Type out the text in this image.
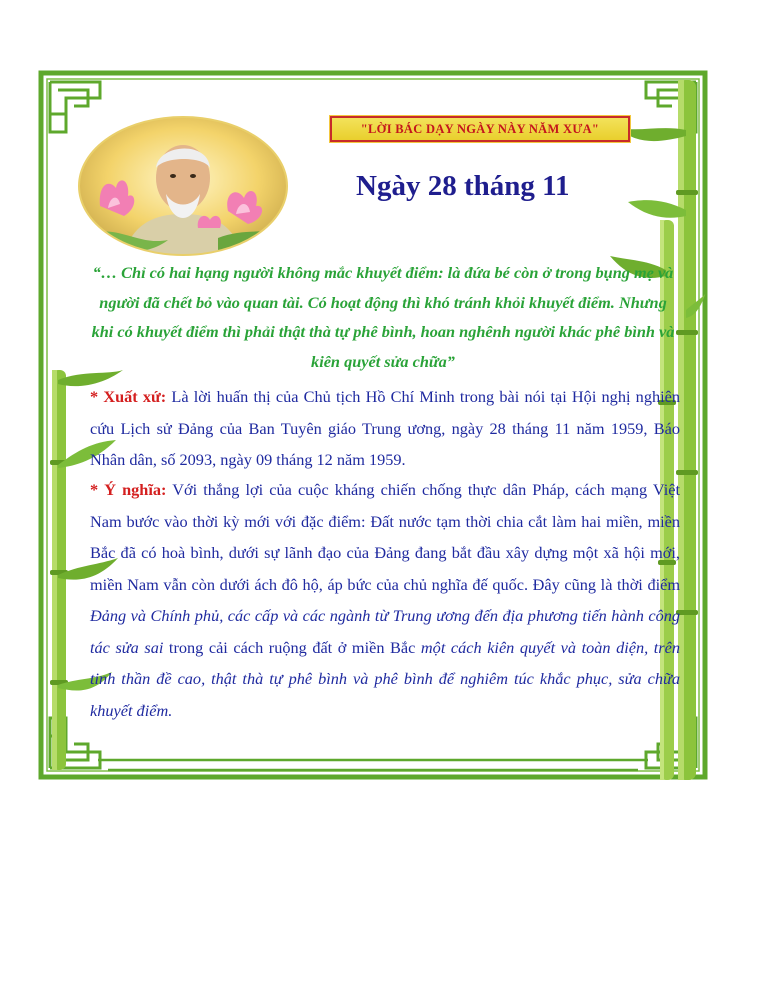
"LỜI BÁC DẠY NGÀY NÀY NĂM XƯA"
Ngày 28 tháng 11

“… Chỉ có hai hạng người không mắc khuyết điểm: là đứa bé còn ở trong bụng mẹ và người đã chết bỏ vào quan tài. Có hoạt động thì khó tránh khỏi khuyết điểm. Nhưng khi có khuyết điểm thì phải thật thà tự phê bình, hoan nghênh người khác phê bình và kiên quyết sửa chữa”

* Xuất xứ: Là lời huấn thị của Chủ tịch Hồ Chí Minh trong bài nói tại Hội nghị nghiên cứu Lịch sử Đảng của Ban Tuyên giáo Trung ương, ngày 28 tháng 11 năm 1959, Báo Nhân dân, số 2093, ngày 09 tháng 12 năm 1959.

* Ý nghĩa: Với thắng lợi của cuộc kháng chiến chống thực dân Pháp, cách mạng Việt Nam bước vào thời kỳ mới với đặc điểm: Đất nước tạm thời chia cắt làm hai miền, miền Bắc đã có hoà bình, dưới sự lãnh đạo của Đảng đang bắt đầu xây dựng một xã hội mới, miền Nam vẫn còn dưới ách đô hộ, áp bức của chủ nghĩa đế quốc. Đây cũng là thời điểm Đảng và Chính phủ, các cấp và các ngành từ Trung ương đến địa phương tiến hành công tác sửa sai trong cải cách ruộng đất ở miền Bắc một cách kiên quyết và toàn diện, trên tinh thần đề cao, thật thà tự phê bình và phê bình để nghiêm túc khắc phục, sửa chữa khuyết điểm.
